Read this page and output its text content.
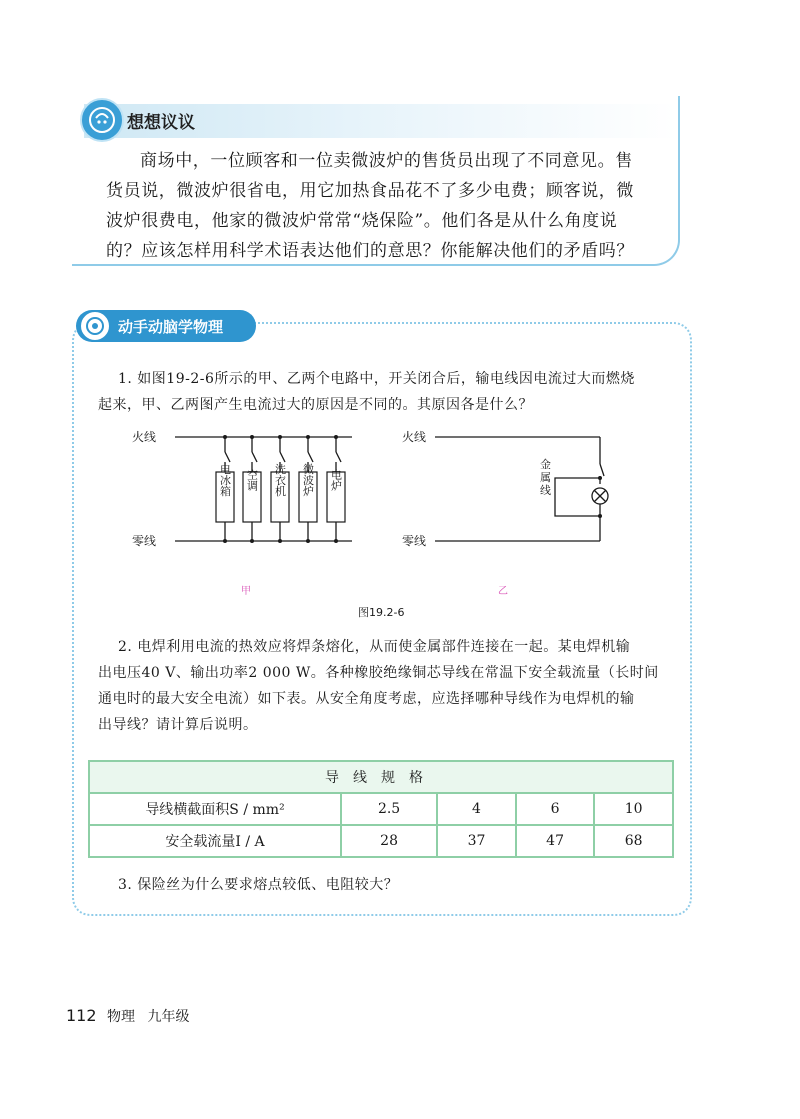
想想议议
商场中，一位顾客和一位卖微波炉的售货员出现了不同意见。售
货员说，微波炉很省电，用它加热食品花不了多少电费；顾客说，微
波炉很费电，他家的微波炉常常“烧保险”。他们各是从什么角度说
的？应该怎样用科学术语表达他们的意思？你能解决他们的矛盾吗？
动手动脑学物理
1. 如图19-2-6所示的甲、乙两个电路中，开关闭合后，输电线因电流过大而燃烧
起来，甲、乙两图产生电流过大的原因是不同的。其原因各是什么？
电冰箱 空调 洗衣机 微波炉 电炉
火线
零线
火线
零线
金属线
甲	乙
图19.2-6
2. 电焊利用电流的热效应将焊条熔化，从而使金属部件连接在一起。某电焊机输
出电压40 V、输出功率2 000 W。各种橡胶绝缘铜芯导线在常温下安全载流量（长时间
通电时的最大安全电流）如下表。从安全角度考虑，应选择哪种导线作为电焊机的输
出导线？请计算后说明。
导线规格				
导线横截面积S / mm²	2.5	4	6	10
安全载流量I / A	28	37	47	68
3. 保险丝为什么要求熔点较低、电阻较大？
112 物理 九年级
